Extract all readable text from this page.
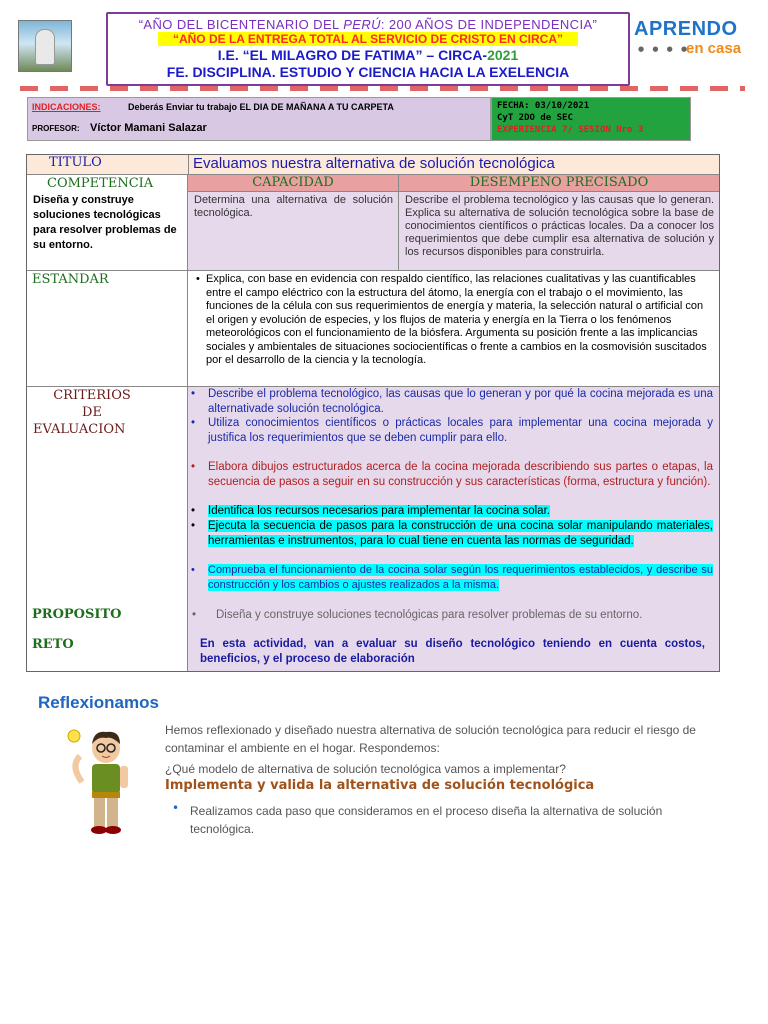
“AÑO DEL BICENTENARIO DEL PERÚ: 200 AÑOS DE INDEPENDENCIA”
“AÑO DE LA ENTREGA TOTAL AL SERVICIO DE CRISTO EN CIRCA”
I.E. “EL MILAGRO DE FATIMA” – CIRCA-2021
FE. DISCIPLINA. ESTUDIO Y CIENCIA HACIA LA EXELENCIA
APRENDO
● ● ● ●
en casa
INDICACIONES:	Deberás Enviar tu trabajo EL DIA DE MAÑANA A TU CARPETA
PROFESOR: Víctor Mamani Salazar
FECHA: 03/10/2021
CyT 2DO de SEC
EXPERIENCIA 7/ SESION Nro 3
TITULO	Evaluamos nuestra alternativa de solución tecnológica
COMPETENCIA
Diseña y construye soluciones tecnológicas para resolver problemas de su entorno.
CAPACIDAD
Determina una alternativa de solución tecnológica.
DESEMPENO PRECISADO
Describe el problema tecnológico y las causas que lo generan. Explica su alternativa de solución tecnológica sobre la base de conocimientos científicos o prácticas locales. Da a conocer los requerimientos que debe cumplir esa alternativa de solución y los recursos disponibles para construirla.
ESTANDAR
•	Explica, con base en evidencia con respaldo científico, las relaciones cualitativas y las cuantificables entre el campo eléctrico con la estructura del átomo, la energía con el trabajo o el movimiento, las funciones de la célula con sus requerimientos de energía y materia, la selección natural o artificial con el origen y evolución de especies, y los flujos de materia y energía en la Tierra o los fenómenos meteorológicos con el funcionamiento de la biósfera. Argumenta su posición frente a las implicancias sociales y ambientales de situaciones sociocientíficas o frente a cambios en la cosmovisión suscitados por el desarrollo de la ciencia y la tecnología.
CRITERIOS
DE
EVALUACION
• Describe el problema tecnológico, las causas que lo generan y por qué la cocina mejorada es una alternativade solución tecnológica.
• Utiliza conocimientos científicos o prácticas locales para implementar una cocina mejorada y justifica los requerimientos que se deben cumplir para ello.
• Elabora dibujos estructurados acerca de la cocina mejorada describiendo sus partes o etapas, la secuencia de pasos a seguir en su construcción y sus características (forma, estructura y función).
• Identifica los recursos necesarios para implementar la cocina solar.
• Ejecuta la secuencia de pasos para la construcción de una cocina solar manipulando materiales, herramientas e instrumentos, para lo cual tiene en cuenta las normas de seguridad.
• Comprueba el funcionamiento de la cocina solar según los requerimientos establecidos, y describe su construcción y los cambios o ajustes realizados a la misma.
PROPOSITO
RETO
• Diseña y construye soluciones tecnológicas para resolver problemas de su entorno.
En esta actividad, van a evaluar su diseño tecnológico teniendo en cuenta costos, beneficios, y el proceso de elaboración
Reflexionamos
Hemos reflexionado y diseñado nuestra alternativa de solución tecnológica para reducir el riesgo de contaminar el ambiente en el hogar. Respondemos:
¿Qué modelo de alternativa de solución tecnológica vamos a implementar?
Implementa y valida la alternativa de solución tecnológica
• Realizamos cada paso que consideramos en el proceso diseña la alternativa de solución tecnológica.
